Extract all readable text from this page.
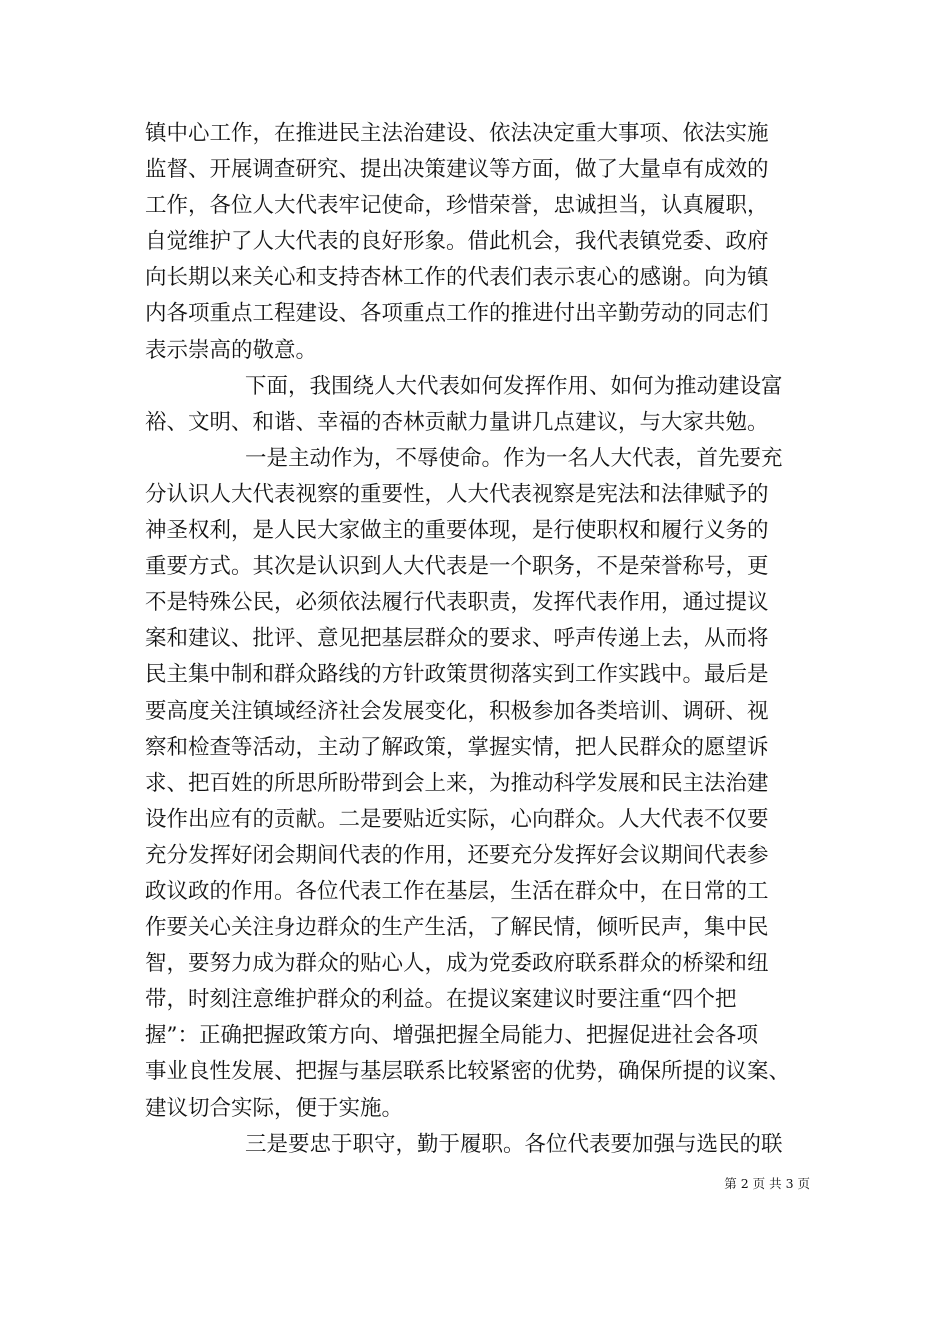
镇中心工作，在推进民主法治建设、依法决定重大事项、依法实施
监督、开展调查研究、提出决策建议等方面，做了大量卓有成效的
工作，各位人大代表牢记使命，珍惜荣誉，忠诚担当，认真履职，
自觉维护了人大代表的良好形象。借此机会，我代表镇党委、政府
向长期以来关心和支持杏林工作的代表们表示衷心的感谢。向为镇
内各项重点工程建设、各项重点工作的推进付出辛勤劳动的同志们
表示崇高的敬意。
下面，我围绕人大代表如何发挥作用、如何为推动建设富
裕、文明、和谐、幸福的杏林贡献力量讲几点建议，与大家共勉。
一是主动作为，不辱使命。作为一名人大代表，首先要充
分认识人大代表视察的重要性，人大代表视察是宪法和法律赋予的
神圣权利，是人民大家做主的重要体现，是行使职权和履行义务的
重要方式。其次是认识到人大代表是一个职务，不是荣誉称号，更
不是特殊公民，必须依法履行代表职责，发挥代表作用，通过提议
案和建议、批评、意见把基层群众的要求、呼声传递上去，从而将
民主集中制和群众路线的方针政策贯彻落实到工作实践中。最后是
要高度关注镇域经济社会发展变化，积极参加各类培训、调研、视
察和检查等活动，主动了解政策，掌握实情，把人民群众的愿望诉
求、把百姓的所思所盼带到会上来，为推动科学发展和民主法治建
设作出应有的贡献。二是要贴近实际，心向群众。人大代表不仅要
充分发挥好闭会期间代表的作用，还要充分发挥好会议期间代表参
政议政的作用。各位代表工作在基层，生活在群众中，在日常的工
作要关心关注身边群众的生产生活，了解民情，倾听民声，集中民
智，要努力成为群众的贴心人，成为党委政府联系群众的桥梁和纽
带，时刻注意维护群众的利益。在提议案建议时要注重“四个把
握”：正确把握政策方向、增强把握全局能力、把握促进社会各项
事业良性发展、把握与基层联系比较紧密的优势，确保所提的议案、
建议切合实际，便于实施。
三是要忠于职守，勤于履职。各位代表要加强与选民的联
第 2 页 共 3 页
